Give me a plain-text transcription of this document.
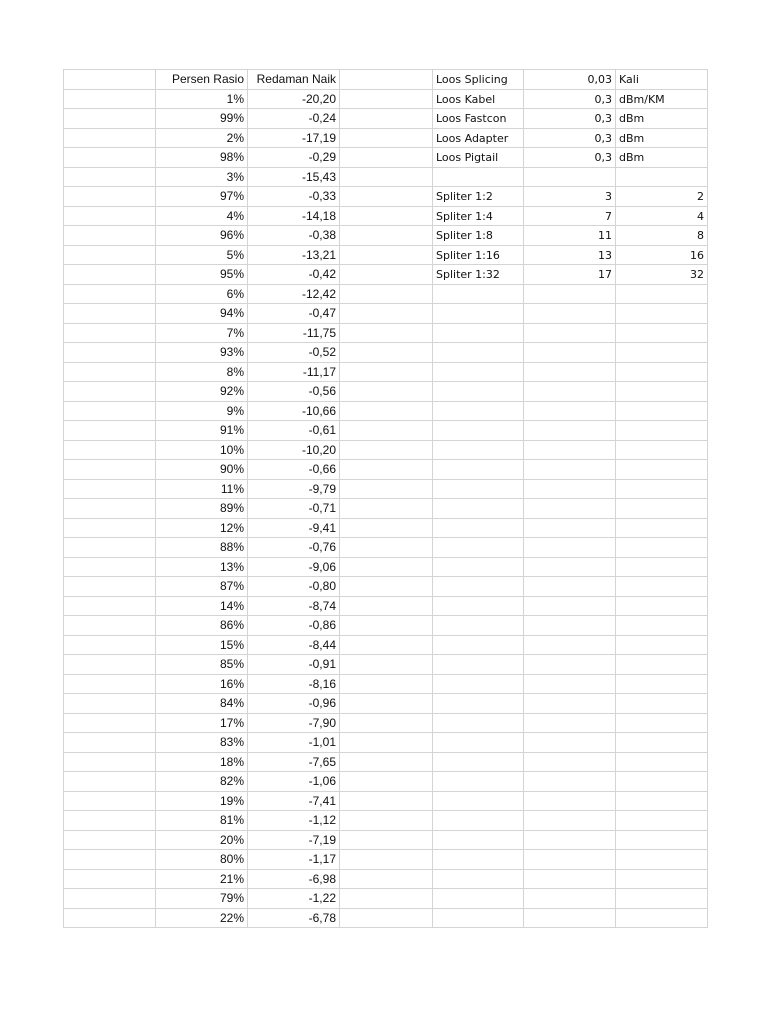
Persen Rasio	Redaman Naik	Loos Splicing	0,03 Kali
1%	-20,20	Loos Kabel	0,3 dBm/KM
99%	-0,24	Loos Fastcon	0,3 dBm
2%	-17,19	Loos Adapter	0,3 dBm
98%	-0,29	Loos Pigtail	0,3 dBm
3%	-15,43
97%	-0,33	Spliter 1:2	3	2
4%	-14,18	Spliter 1:4	7	4
96%	-0,38	Spliter 1:8	11	8
5%	-13,21	Spliter 1:16	13	16
95%	-0,42	Spliter 1:32	17	32
6%	-12,42
94%	-0,47
7%	-11,75
93%	-0,52
8%	-11,17
92%	-0,56
9%	-10,66
91%	-0,61
10%	-10,20
90%	-0,66
11%	-9,79
89%	-0,71
12%	-9,41
88%	-0,76
13%	-9,06
87%	-0,80
14%	-8,74
86%	-0,86
15%	-8,44
85%	-0,91
16%	-8,16
84%	-0,96
17%	-7,90
83%	-1,01
18%	-7,65
82%	-1,06
19%	-7,41
81%	-1,12
20%	-7,19
80%	-1,17
21%	-6,98
79%	-1,22
22%	-6,78
